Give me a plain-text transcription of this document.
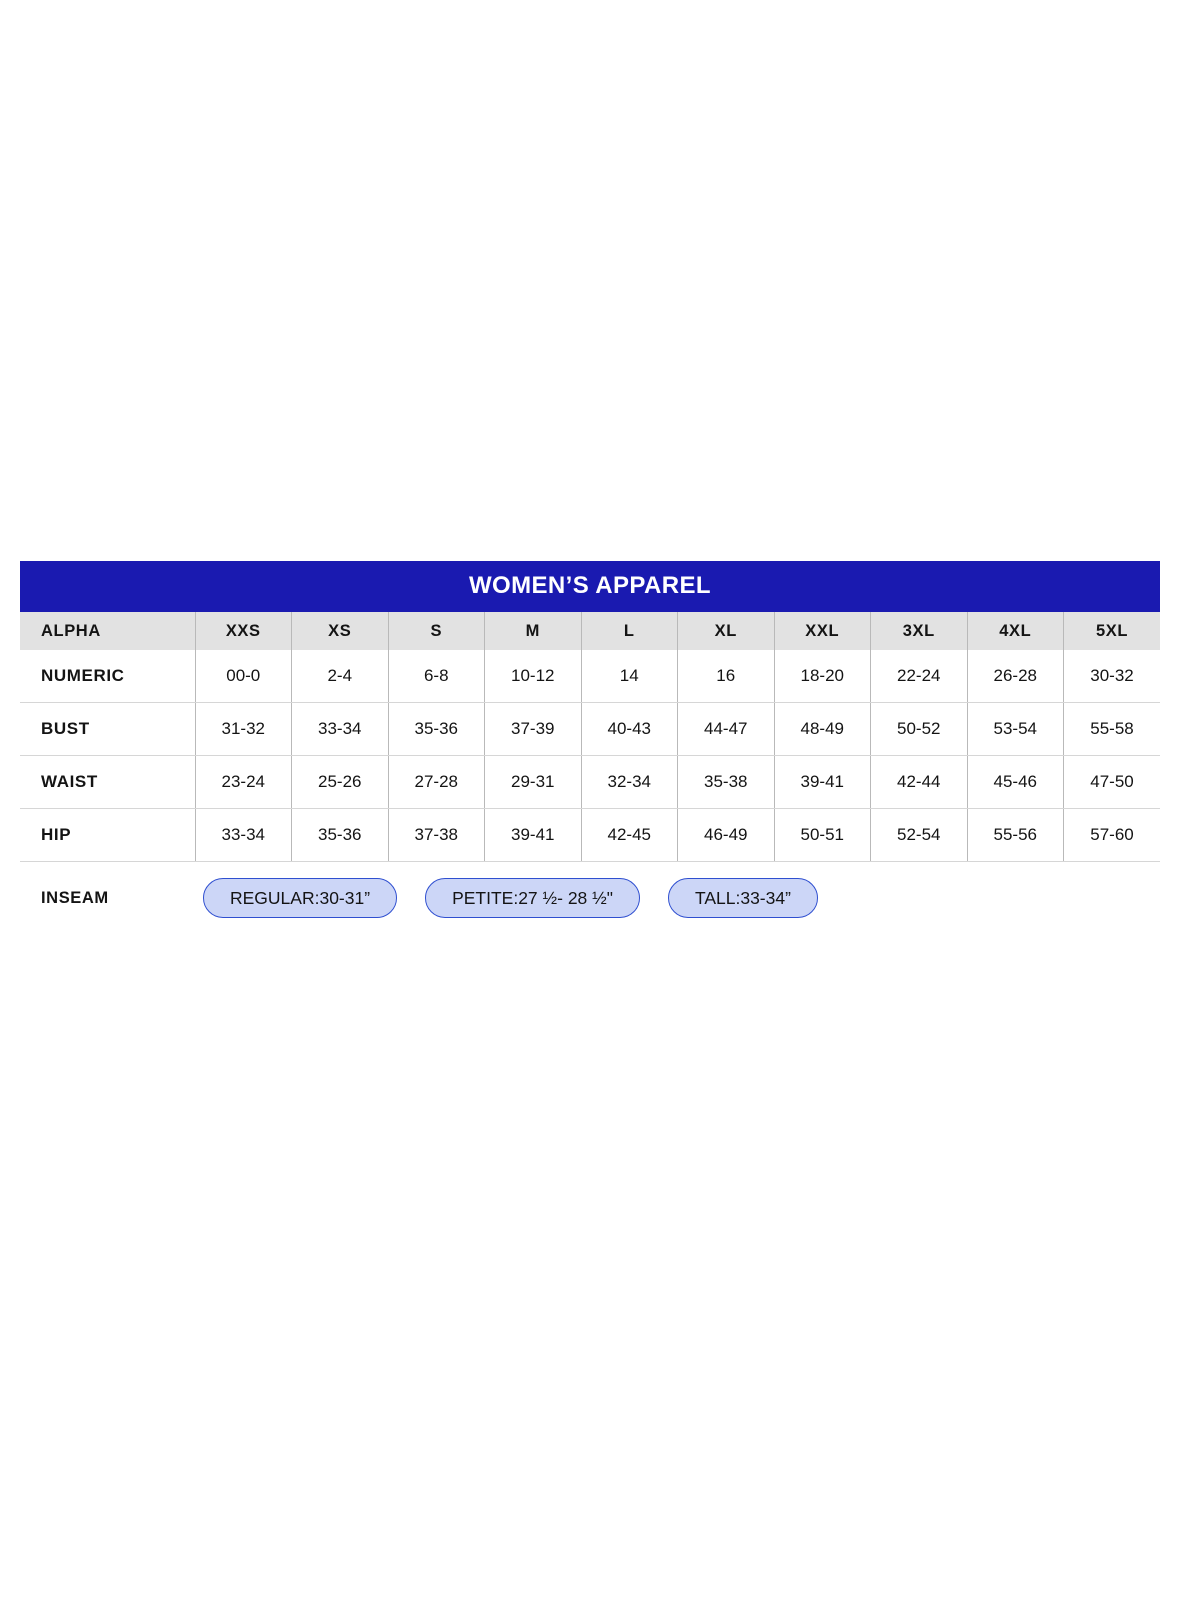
WOMEN’S APPAREL
ALPHA	XXS	XS	S	M	L	XL	XXL	3XL	4XL	5XL
NUMERIC	00-0	2-4	6-8	10-12	14	16	18-20	22-24	26-28	30-32
BUST	31-32	33-34	35-36	37-39	40-43	44-47	48-49	50-52	53-54	55-58
WAIST	23-24	25-26	27-28	29-31	32-34	35-38	39-41	42-44	45-46	47-50
HIP	33-34	35-36	37-38	39-41	42-45	46-49	50-51	52-54	55-56	57-60
INSEAM	REGULAR: 30-31”	PETITE: 27 ½ - 28 ½"	TALL: 33-34”
